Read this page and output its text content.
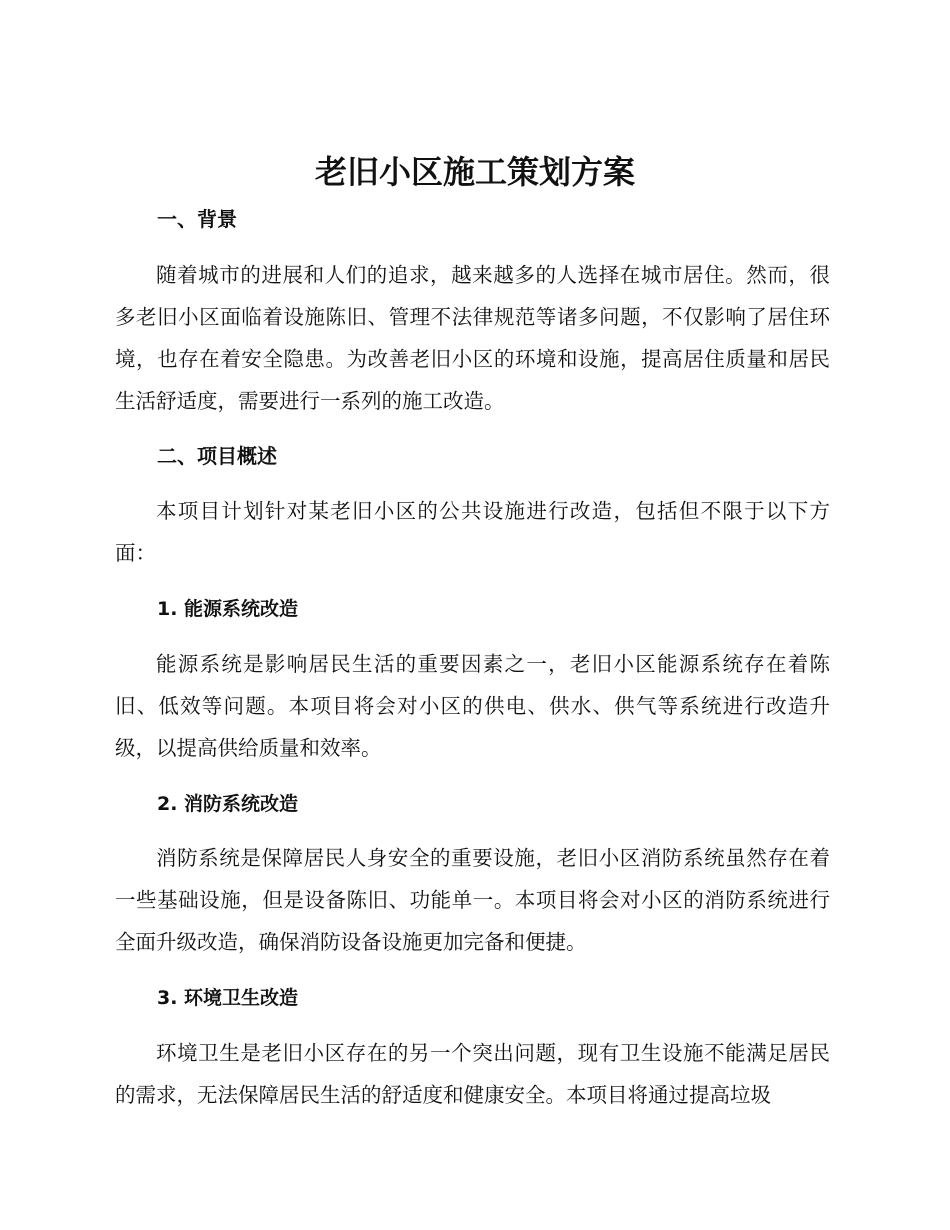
老旧小区施工策划方案
一、背景

随着城市的进展和人们的追求，越来越多的人选择在城市居住。然而，很多老旧小区面临着设施陈旧、管理不法律规范等诸多问题，不仅影响了居住环境，也存在着安全隐患。为改善老旧小区的环境和设施，提高居住质量和居民生活舒适度，需要进行一系列的施工改造。

二、项目概述

本项目计划针对某老旧小区的公共设施进行改造，包括但不限于以下方面：

1. 能源系统改造

能源系统是影响居民生活的重要因素之一，老旧小区能源系统存在着陈旧、低效等问题。本项目将会对小区的供电、供水、供气等系统进行改造升级，以提高供给质量和效率。

2. 消防系统改造

消防系统是保障居民人身安全的重要设施，老旧小区消防系统虽然存在着一些基础设施，但是设备陈旧、功能单一。本项目将会对小区的消防系统进行全面升级改造，确保消防设备设施更加完备和便捷。

3. 环境卫生改造

环境卫生是老旧小区存在的另一个突出问题，现有卫生设施不能满足居民的需求，无法保障居民生活的舒适度和健康安全。本项目将通过提高垃圾
